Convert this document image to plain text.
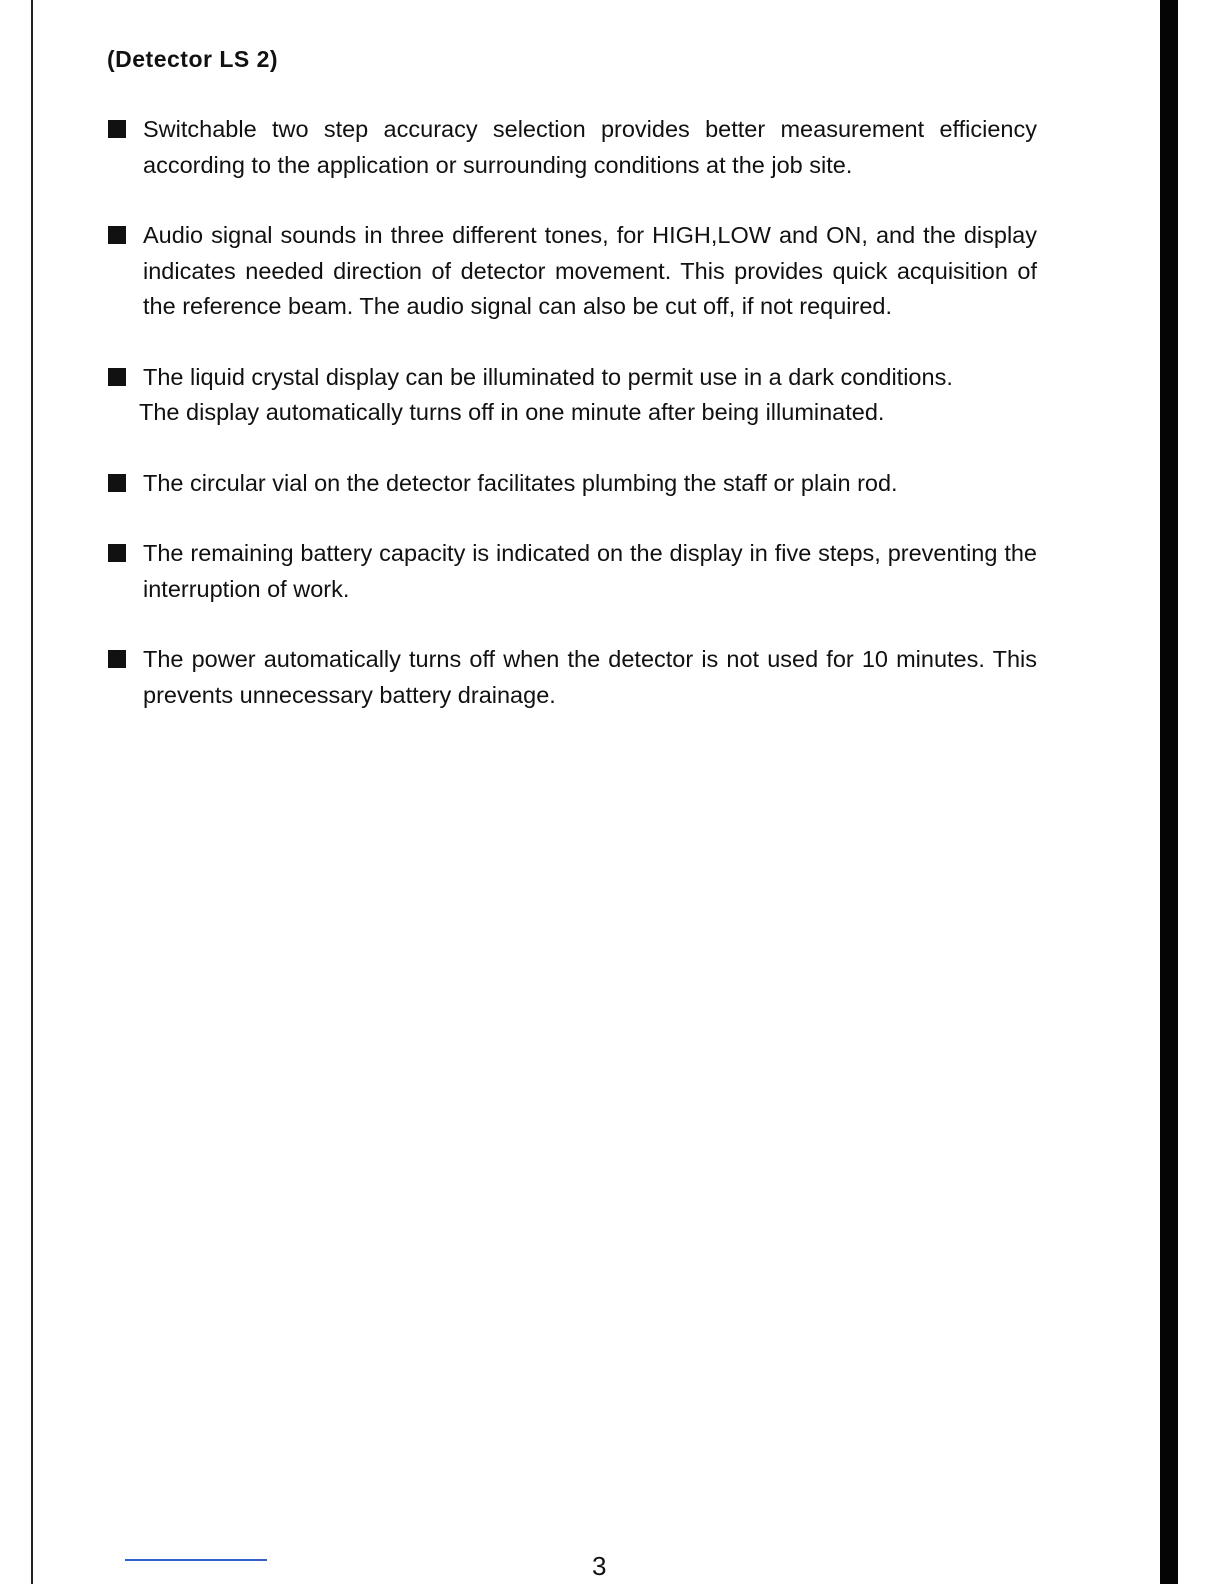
(Detector LS 2)
Switchable two step accuracy selection provides better measurement efficiency according to the application or surrounding conditions at the job site.
Audio signal sounds in three different tones, for HIGH,LOW and ON, and the display indicates needed direction of detector movement. This provides quick acquisition of the reference beam. The audio signal can also be cut off, if not required.
The liquid crystal display can be illuminated to permit use in a dark conditions.
The display automatically turns off in one minute after being illuminated.
The circular vial on the detector facilitates plumbing the staff or plain rod.
The remaining battery capacity is indicated on the display in five steps, preventing the interruption of work.
The power automatically turns off when the detector is not used for 10 minutes. This prevents unnecessary battery drainage.
3
